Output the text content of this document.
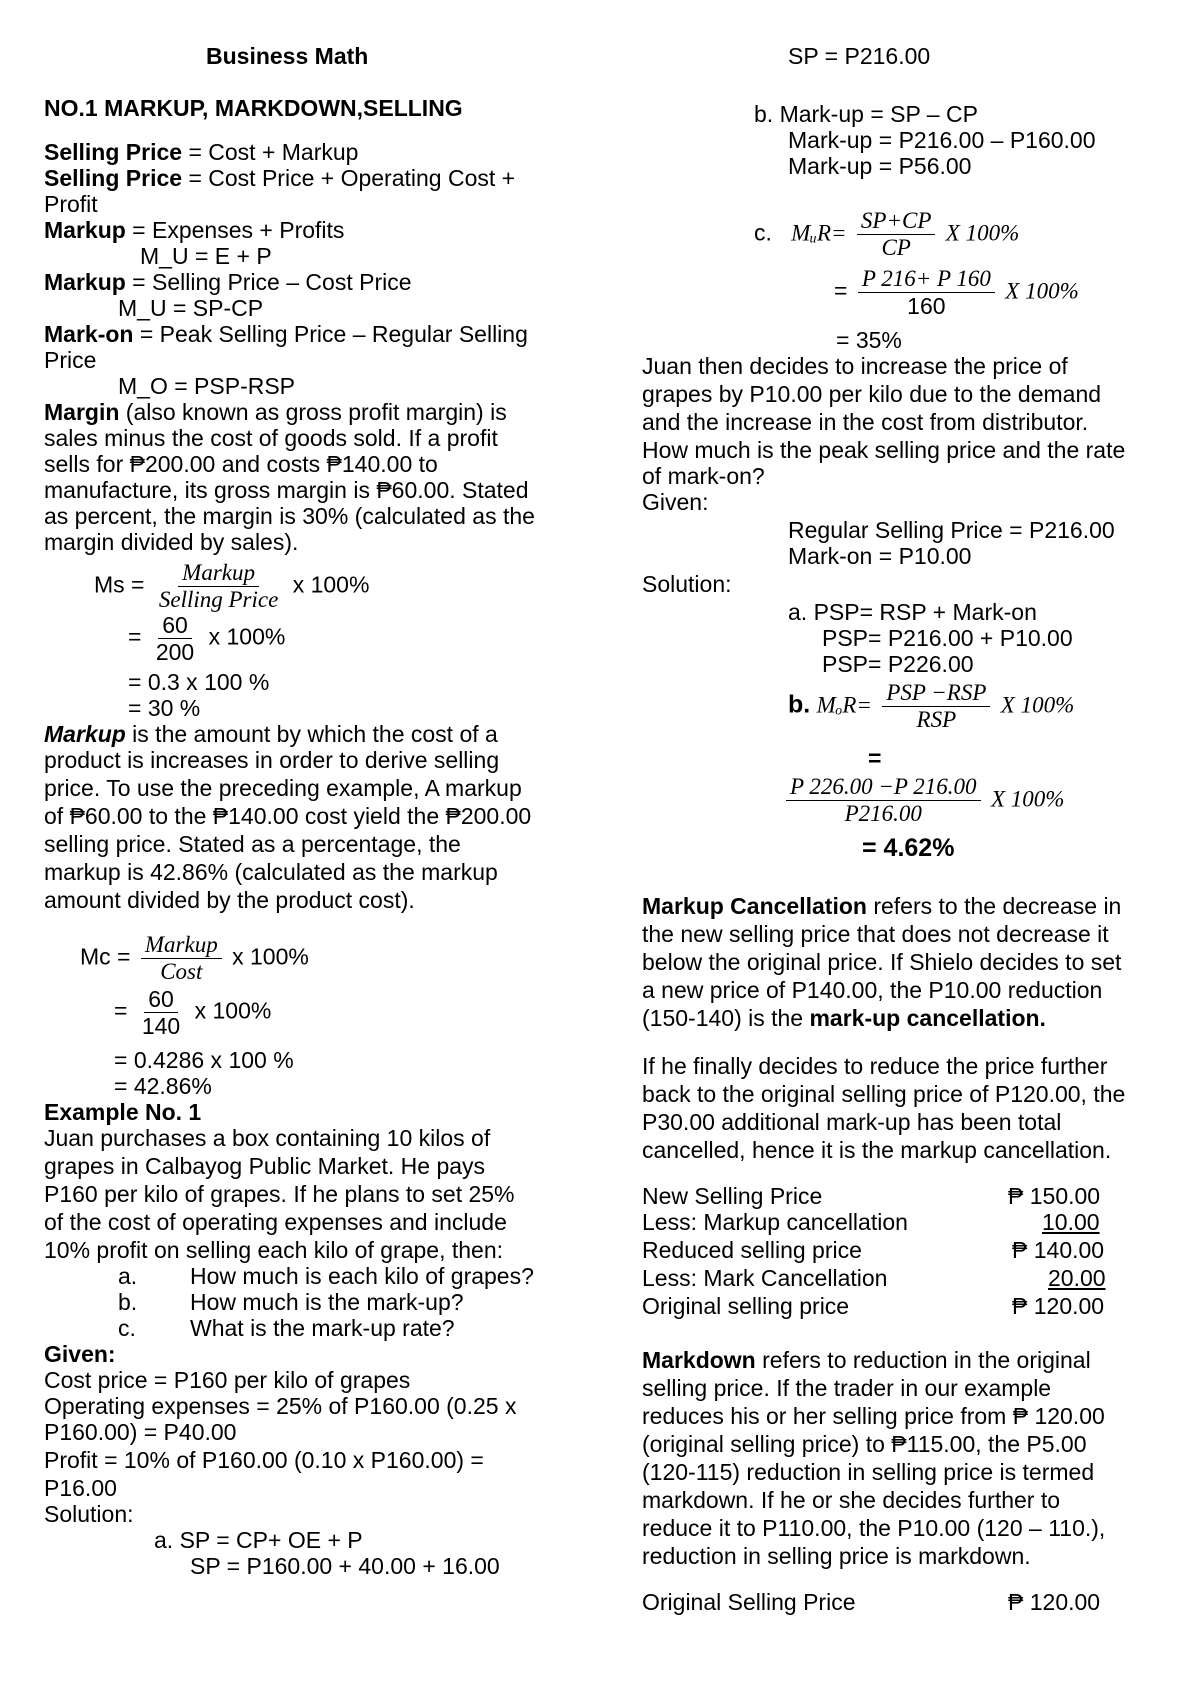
Business Math
NO.1 MARKUP, MARKDOWN,SELLING
Selling Price = Cost + Markup
Selling Price = Cost Price + Operating Cost +
Profit
Markup = Expenses + Profits
M_U = E + P
Markup = Selling Price – Cost Price
M_U = SP-CP
Mark-on = Peak Selling Price – Regular Selling
Price
M_O = PSP-RSP
Margin (also known as gross profit margin) is
sales minus the cost of goods sold. If a profit
sells for ₱200.00 and costs ₱140.00 to
manufacture, its gross margin is ₱60.00. Stated
as percent, the margin is 30% (calculated as the
margin divided by sales).
$Ms = \frac{\text{Markup}}{\text{Selling Price}}$ x 100%
= $\frac{60}{200}$ x 100%
= 0.3 x 100 %
= 30 %
Markup is the amount by which the cost of a
product is increases in order to derive selling
price. To use the preceding example, A markup
of ₱60.00 to the ₱140.00 cost yield the ₱200.00
selling price. Stated as a percentage, the
markup is 42.86% (calculated as the markup
amount divided by the product cost).
$Mc = \frac{\text{Markup}}{\text{Cost}}$ x 100%
= $\frac{60}{140}$ x 100%
= 0.4286 x 100 %
= 42.86%
Example No. 1
Juan purchases a box containing 10 kilos of
grapes in Calbayog Public Market. He pays
P160 per kilo of grapes. If he plans to set 25%
of the cost of operating expenses and include
10% profit on selling each kilo of grape, then:
a. How much is each kilo of grapes?
b. How much is the mark-up?
c. What is the mark-up rate?
Given:
Cost price = P160 per kilo of grapes
Operating expenses = 25% of P160.00 (0.25 x
P160.00) = P40.00
Profit = 10% of P160.00 (0.10 x P160.00) =
P16.00
Solution:
a. SP = CP+ OE + P
SP = P160.00 + 40.00 + 16.00
SP = P216.00
b. Mark-up = SP – CP
Mark-up = P216.00 – P160.00
Mark-up = P56.00
c. MᵤR= $\frac{SP+CP}{CP}$ X 100%
= $\frac{P 216+ P 160}{160}$ X 100%
= 35%
Juan then decides to increase the price of
grapes by P10.00 per kilo due to the demand
and the increase in the cost from distributor.
How much is the peak selling price and the rate
of mark-on?
Given:
Regular Selling Price = P216.00
Mark-on = P10.00
Solution:
a. PSP= RSP + Mark-on
PSP= P216.00 + P10.00
PSP= P226.00
b. $M_oR= \frac{\text{PSP −RSP}}{\text{RSP}}$ X 100%
=
$\frac{P 226.00 -P 216.00}{P216.00}$ X 100%
= 4.62%
Markup Cancellation refers to the decrease in
the new selling price that does not decrease it
below the original price. If Shielo decides to set
a new price of P140.00, the P10.00 reduction
(150-140) is the mark-up cancellation.
If he finally decides to reduce the price further
back to the original selling price of P120.00, the
P30.00 additional mark-up has been total
cancelled, hence it is the markup cancellation.
New Selling Price	₱ 150.00
Less: Markup cancellation	10.00
Reduced selling price	₱ 140.00
Less: Mark Cancellation	20.00
Original selling price	₱ 120.00
Markdown refers to reduction in the original
selling price. If the trader in our example
reduces his or her selling price from ₱ 120.00
(original selling price) to ₱115.00, the P5.00
(120-115) reduction in selling price is termed
markdown. If he or she decides further to
reduce it to P110.00, the P10.00 (120 – 110.),
reduction in selling price is markdown.
Original Selling Price	₱ 120.00
